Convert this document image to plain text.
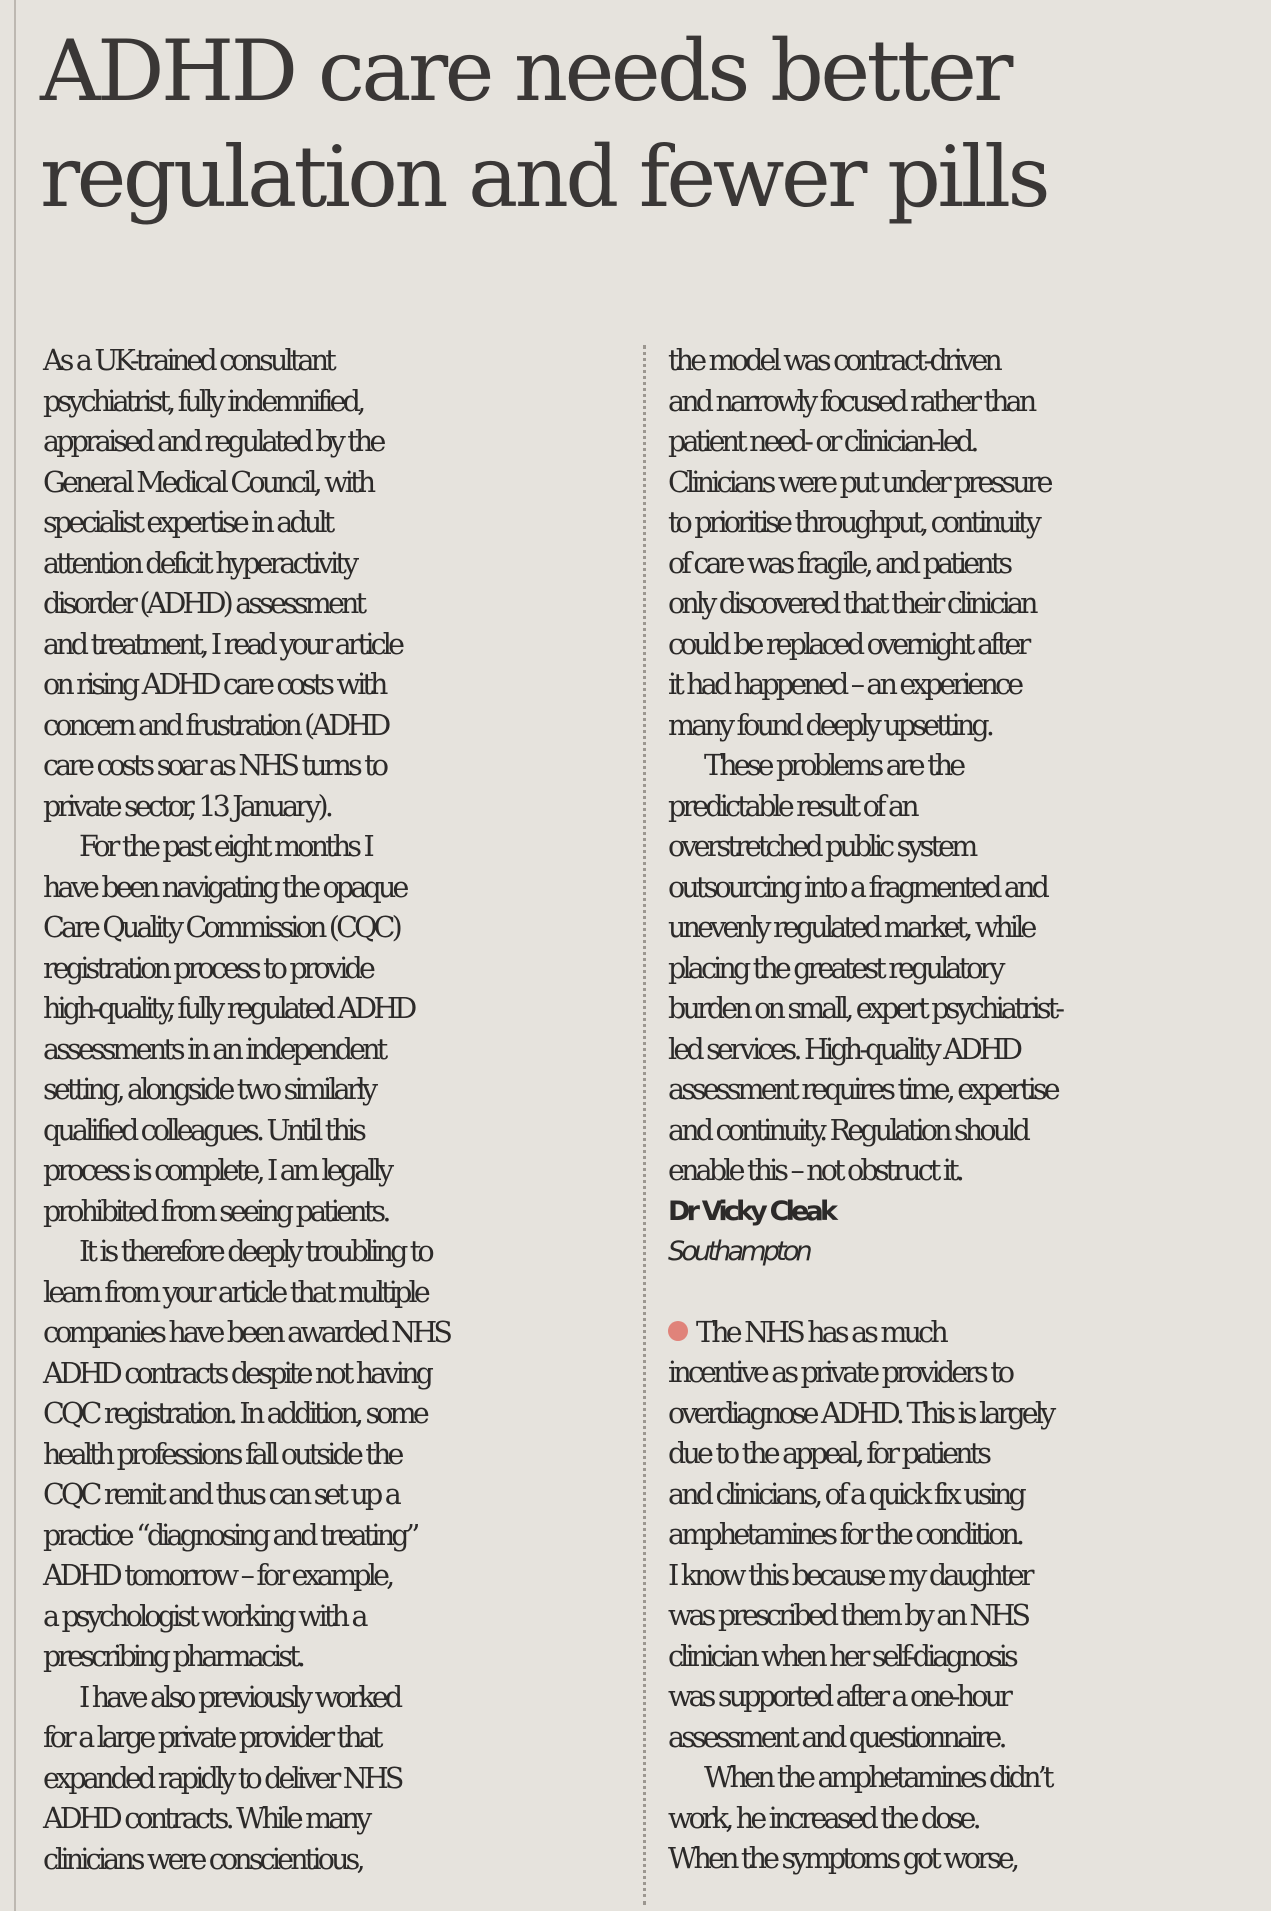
ADHD care needs better
regulation and fewer pills

As a UK-trained consultant
psychiatrist, fully indemnified,
appraised and regulated by the
General Medical Council, with
specialist expertise in adult
attention deficit hyperactivity
disorder (ADHD) assessment
and treatment, I read your article
on rising ADHD care costs with
concern and frustration (ADHD
care costs soar as NHS turns to
private sector, 13 January).

For the past eight months I
have been navigating the opaque
Care Quality Commission (CQC)
registration process to provide
high-quality, fully regulated ADHD
assessments in an independent
setting, alongside two similarly
qualified colleagues. Until this
process is complete, I am legally
prohibited from seeing patients.

It is therefore deeply troubling to
learn from your article that multiple
companies have been awarded NHS
ADHD contracts despite not having
CQC registration. In addition, some
health professions fall outside the
CQC remit and thus can set up a
practice “diagnosing and treating”
ADHD tomorrow – for example,
a psychologist working with a
prescribing pharmacist.

I have also previously worked
for a large private provider that
expanded rapidly to deliver NHS
ADHD contracts. While many
clinicians were conscientious,

the model was contract-driven
and narrowly focused rather than
patient need- or clinician-led.
Clinicians were put under pressure
to prioritise throughput, continuity
of care was fragile, and patients
only discovered that their clinician
could be replaced overnight after
it had happened – an experience
many found deeply upsetting.

These problems are the
predictable result of an
overstretched public system
outsourcing into a fragmented and
unevenly regulated market, while
placing the greatest regulatory
burden on small, expert psychiatrist-
led services. High-quality ADHD
assessment requires time, expertise
and continuity. Regulation should
enable this – not obstruct it.

Dr Vicky Cleak
Southampton

The NHS has as much
incentive as private providers to
overdiagnose ADHD. This is largely
due to the appeal, for patients
and clinicians, of a quick fix using
amphetamines for the condition.
I know this because my daughter
was prescribed them by an NHS
clinician when her self-diagnosis
was supported after a one-hour
assessment and questionnaire.

When the amphetamines didn’t
work, he increased the dose.
When the symptoms got worse,
